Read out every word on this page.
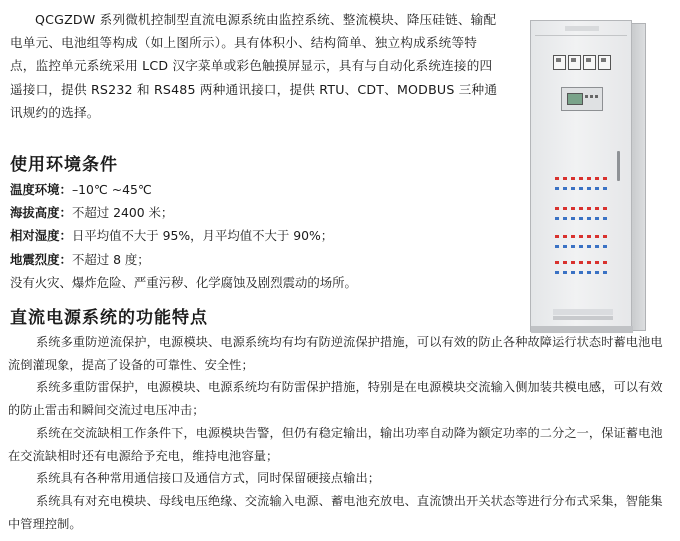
QCGZDW 系列微机控制型直流电源系统由监控系统、整流模块、降压硅链、输配电单元、电池组等构成（如上图所示）。具有体积小、结构简单、独立构成系统等特点，监控单元系统采用 LCD 汉字菜单或彩色触摸屏显示，具有与自动化系统连接的四遥接口，提供 RS232 和 RS485 两种通讯接口，提供 RTU、CDT、MODBUS 三种通讯规约的选择。

使用环境条件
温度环境：–10℃ ~45℃
海拔高度：不超过 2400 米；
相对湿度：日平均值不大于 95%，月平均值不大于 90%；
地震烈度：不超过 8 度；
没有火灾、爆炸危险、严重污秽、化学腐蚀及剧烈震动的场所。
直流电源系统的功能特点

系统多重防逆流保护，电源模块、电源系统均有均有防逆流保护措施，可以有效的防止各种故障运行状态时蓄电池电流倒灌现象，提高了设备的可靠性、安全性；

系统多重防雷保护，电源模块、电源系统均有防雷保护措施，特别是在电源模块交流输入侧加装共模电感，可以有效的防止雷击和瞬间交流过电压冲击；

系统在交流缺相工作条件下，电源模块告警，但仍有稳定输出，输出功率自动降为额定功率的二分之一，保证蓄电池在交流缺相时还有电源给予充电，维持电池容量；

系统具有各种常用通信接口及通信方式，同时保留硬接点输出；

系统具有对充电模块、母线电压绝缘、交流输入电源、蓄电池充放电、直流馈出开关状态等进行分布式采集，智能集中管理控制。
